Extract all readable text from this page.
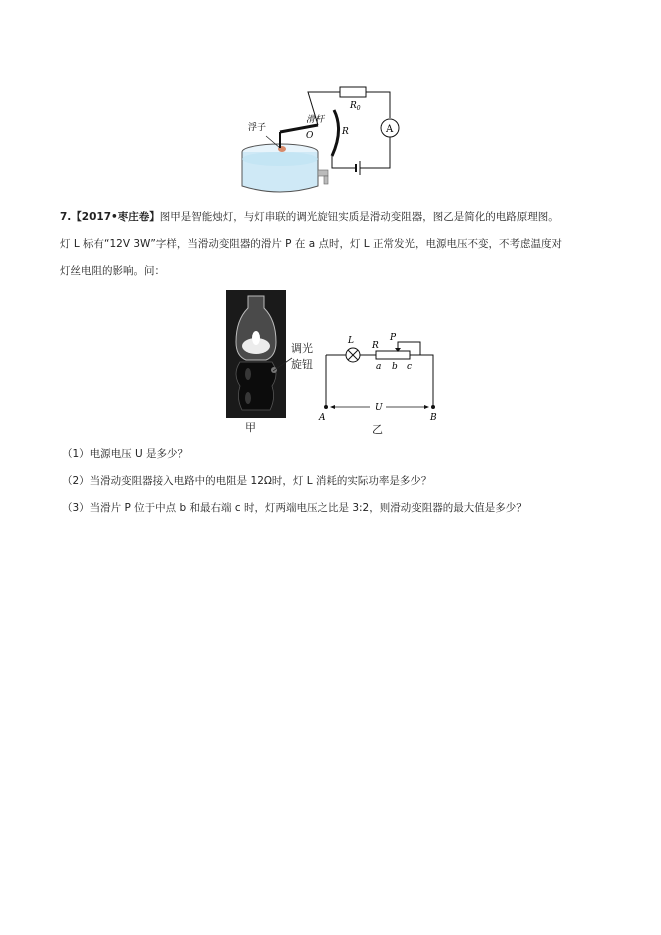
浮子
滑杆
$R_0$
O	R	A
7.【2017•枣庄卷】图甲是智能烛灯，与灯串联的调光旋钮实质是滑动变阻器，图乙是简化的电路原理图。
灯 L 标有“12V 3W”字样，当滑动变阻器的滑片 P 在 a 点时，灯 L 正常发光，电源电压不变，不考虑温度对
灯丝电阻的影响。问：
调光
旋钮
甲
L R
P
a b c
A
U
B
乙
（1）电源电压 U 是多少？
（2）当滑动变阻器接入电路中的电阻是 12Ω时，灯 L 消耗的实际功率是多少？
（3）当滑片 P 位于中点 b 和最右端 c 时，灯两端电压之比是 3:2，则滑动变阻器的最大值是多少？
